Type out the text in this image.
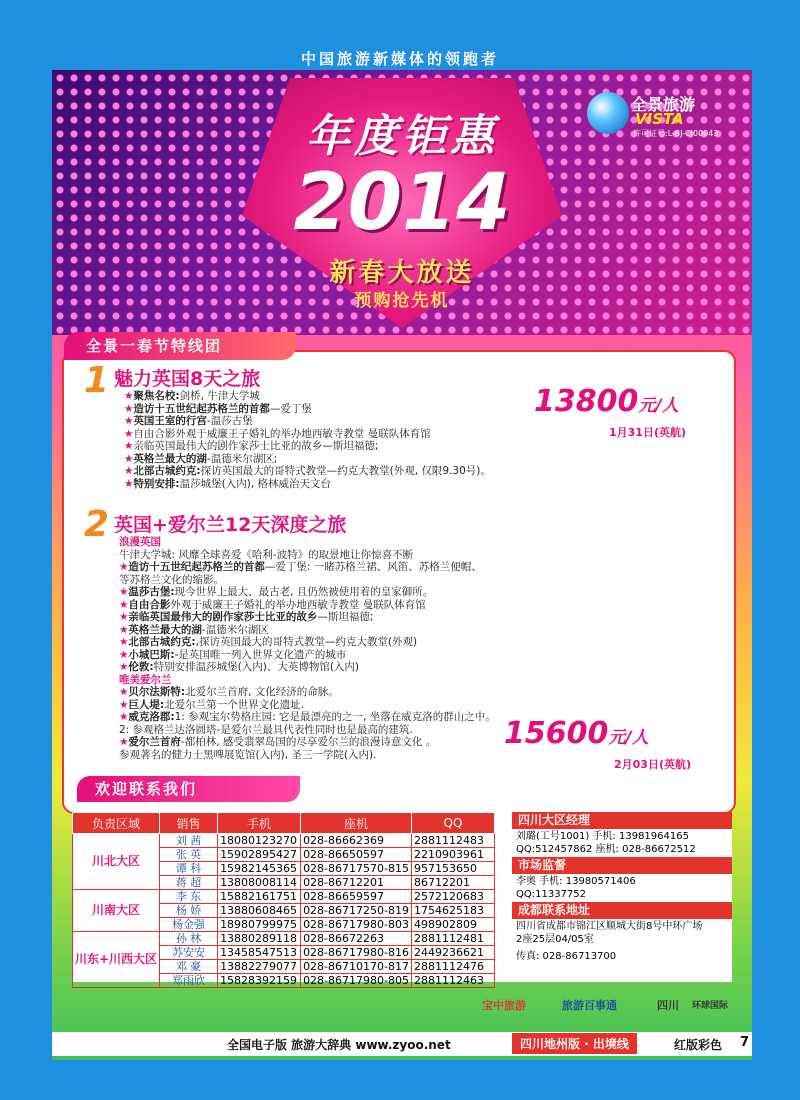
中国旅游新媒体的领跑者
年度钜惠
2014
新春大放送
预购抢先机
全景旅游
VISTA
许可证号:L-BJ-CJ00043
全景一春节特线团
1 魅力英国8天之旅
★聚焦名校:剑桥, 牛津大学城
★造访十五世纪起苏格兰的首都—爱丁堡
★英国王室的行宫-温莎古堡
★自由合影外观于威廉王子婚礼的举办地西敏寺教堂 曼联队体育馆
★亲临英国最伟大的剧作家莎士比亚的故乡—斯坦福德;
★英格兰最大的湖-温德米尔湖区;
★北部古城约克:探访英国最大的哥特式教堂—约克大教堂(外观, 仅限9.30号)。
★特别安排:温莎城堡(入内), 格林威治天文台
13800元/人
1月31日(英航)
2 英国+爱尔兰12天深度之旅
浪漫英国
牛津大学城: 风靡全球喜爱《哈利-波特》的取景地让你惊喜不断
★造访十五世纪起苏格兰的首都—爱丁堡: 一睹苏格兰裙、风笛、苏格兰便帽、
等苏格兰文化的缩影。
★温莎古堡:现今世界上最大、最古老, 且仍然被使用着的皇家御所。
★自由合影外观于威廉王子婚礼的举办地西敏寺教堂 曼联队体育馆
★亲临英国最伟大的剧作家莎士比亚的故乡—斯坦福德;
★英格兰最大的湖-温德米尔湖区
★北部古城约克:,探访英国最大的哥特式教堂—约克大教堂(外观)
★小城巴斯:-是英国唯一列入世界文化遗产的城市
★伦敦:特别安排温莎城堡(入内)、大英博物馆(入内)
唯美爱尔兰
★贝尔法斯特:北爱尔兰首府, 文化经济的命脉。
★巨人堤:北爱尔兰第一个世界文化遗址.
★威克洛郡:1: 参观宝尔势格庄园: 它是最漂亮的之一, 坐落在威克洛的群山之中。
2: 参观格兰达洛圆塔-是爱尔兰最具代表性同时也是最高的建筑.
★爱尔兰首府-都柏林, 感受翡翠岛国的尽享爱尔兰的浪漫诗意文化 。
参观著名的健力士黑啤展览馆(入内), 圣三一学院(入内).
15600元/人
2月03日(英航)
欢迎联系我们
负责区域	销售	手机	座机	QQ
川北大区	刘 茜	18080123270	028-86662369	2881112483
	张 英	15902895427	028-86650597	2210903961
	谭 科	15982145365	028-86717570-815	957153650
	蒋 超	13808008114	028-86712201	86712201
川南大区	李 东	15882161751	028-86659597	2572120683
	杨 娇	13880608465	028-86717250-819	1754625183
	杨金强	18980799975	028-86717980-803	498902809
川东+川西大区	孙 林	13880289118	028-86672263	2881112481
	苏安安	13458547513	028-86717980-816	2449236621
	邓 豪	13882279077	028-86710170-817	2881112476
	郑雨欣	15828392159	028-86717980-805	2881112463
四川大区经理
刘璐(工号1001) 手机: 13981964165
QQ:512457862 座机: 028-86672512
市场监督
李奥 手机: 13980571406
QQ:11337752
成都联系地址
四川省成都市锦江区顺城大街8号中环广场
2座25层04/05室
传真: 028-86713700
宝中旅游	旅游百事通	四川 环球国际
全国电子版 旅游大辞典 www.zyoo.net	四川地州版 · 出境线	红版彩色 7
